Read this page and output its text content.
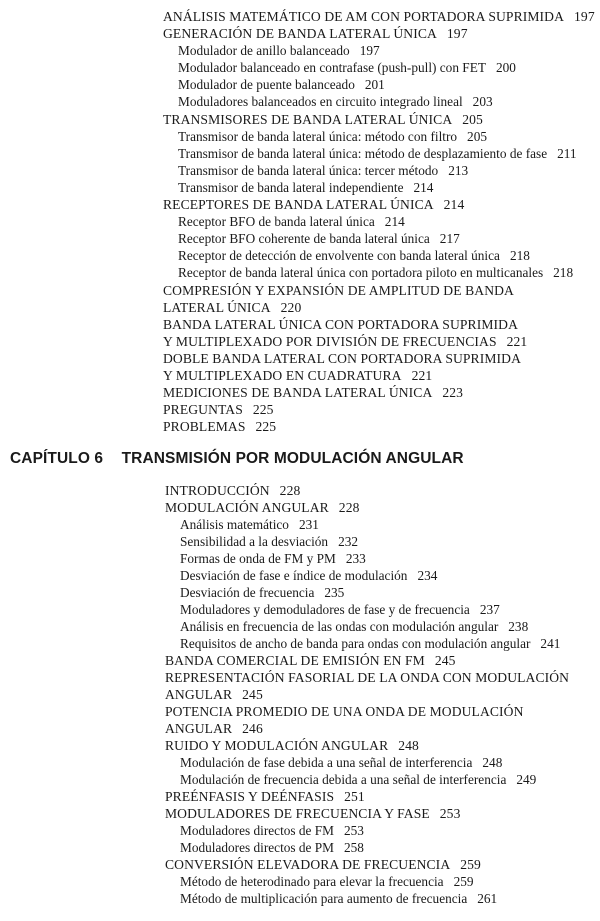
ANÁLISIS MATEMÁTICO DE AM CON PORTADORA SUPRIMIDA 197
GENERACIÓN DE BANDA LATERAL ÚNICA 197
Modulador de anillo balanceado 197
Modulador balanceado en contrafase (push-pull) con FET 200
Modulador de puente balanceado 201
Moduladores balanceados en circuito integrado lineal 203
TRANSMISORES DE BANDA LATERAL ÚNICA 205
Transmisor de banda lateral única: método con filtro 205
Transmisor de banda lateral única: método de desplazamiento de fase 211
Transmisor de banda lateral única: tercer método 213
Transmisor de banda lateral independiente 214
RECEPTORES DE BANDA LATERAL ÚNICA 214
Receptor BFO de banda lateral única 214
Receptor BFO coherente de banda lateral única 217
Receptor de detección de envolvente con banda lateral única 218
Receptor de banda lateral única con portadora piloto en multicanales 218
COMPRESIÓN Y EXPANSIÓN DE AMPLITUD DE BANDA
LATERAL ÚNICA 220
BANDA LATERAL ÚNICA CON PORTADORA SUPRIMIDA
Y MULTIPLEXADO POR DIVISIÓN DE FRECUENCIAS 221
DOBLE BANDA LATERAL CON PORTADORA SUPRIMIDA
Y MULTIPLEXADO EN CUADRATURA 221
MEDICIONES DE BANDA LATERAL ÚNICA 223
PREGUNTAS 225
PROBLEMAS 225
CAPÍTULO 6 TRANSMISIÓN POR MODULACIÓN ANGULAR
INTRODUCCIÓN 228
MODULACIÓN ANGULAR 228
Análisis matemático 231
Sensibilidad a la desviación 232
Formas de onda de FM y PM 233
Desviación de fase e índice de modulación 234
Desviación de frecuencia 235
Moduladores y demoduladores de fase y de frecuencia 237
Análisis en frecuencia de las ondas con modulación angular 238
Requisitos de ancho de banda para ondas con modulación angular 241
BANDA COMERCIAL DE EMISIÓN EN FM 245
REPRESENTACIÓN FASORIAL DE LA ONDA CON MODULACIÓN
ANGULAR 245
POTENCIA PROMEDIO DE UNA ONDA DE MODULACIÓN
ANGULAR 246
RUIDO Y MODULACIÓN ANGULAR 248
Modulación de fase debida a una señal de interferencia 248
Modulación de frecuencia debida a una señal de interferencia 249
PREÉNFASIS Y DEÉNFASIS 251
MODULADORES DE FRECUENCIA Y FASE 253
Moduladores directos de FM 253
Moduladores directos de PM 258
CONVERSIÓN ELEVADORA DE FRECUENCIA 259
Método de heterodinado para elevar la frecuencia 259
Método de multiplicación para aumento de frecuencia 261
